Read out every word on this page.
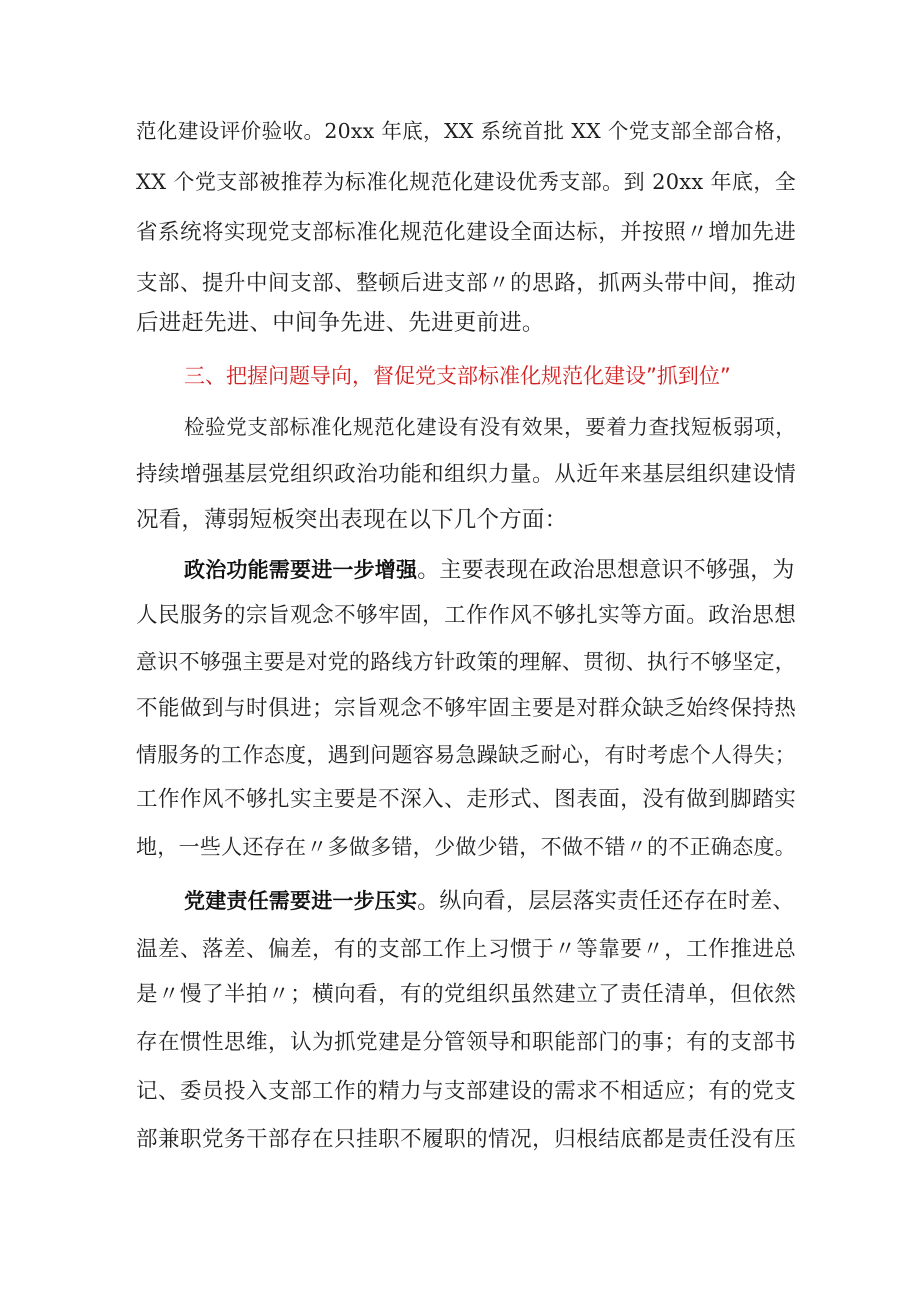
范化建设评价验收。20xx 年底，XX 系统首批 XX 个党支部全部合格，
XX 个党支部被推荐为标准化规范化建设优秀支部。到 20xx 年底，全
省系统将实现党支部标准化规范化建设全面达标，并按照〃增加先进
支部、提升中间支部、整顿后进支部〃的思路，抓两头带中间，推动
后进赶先进、中间争先进、先进更前进。
三、把握问题导向，督促党支部标准化规范化建设”抓到位”
检验党支部标准化规范化建设有没有效果，要着力查找短板弱项，
持续增强基层党组织政治功能和组织力量。从近年来基层组织建设情
况看，薄弱短板突出表现在以下几个方面：
政治功能需要进一步增强。主要表现在政治思想意识不够强，为
人民服务的宗旨观念不够牢固，工作作风不够扎实等方面。政治思想
意识不够强主要是对党的路线方针政策的理解、贯彻、执行不够坚定，
不能做到与时俱进；宗旨观念不够牢固主要是对群众缺乏始终保持热
情服务的工作态度，遇到问题容易急躁缺乏耐心，有时考虑个人得失；
工作作风不够扎实主要是不深入、走形式、图表面，没有做到脚踏实
地，一些人还存在〃多做多错，少做少错，不做不错〃的不正确态度。
党建责任需要进一步压实。纵向看，层层落实责任还存在时差、
温差、落差、偏差，有的支部工作上习惯于〃等靠要〃，工作推进总
是〃慢了半拍〃；横向看，有的党组织虽然建立了责任清单，但依然
存在惯性思维，认为抓党建是分管领导和职能部门的事；有的支部书
记、委员投入支部工作的精力与支部建设的需求不相适应；有的党支
部兼职党务干部存在只挂职不履职的情况，归根结底都是责任没有压
